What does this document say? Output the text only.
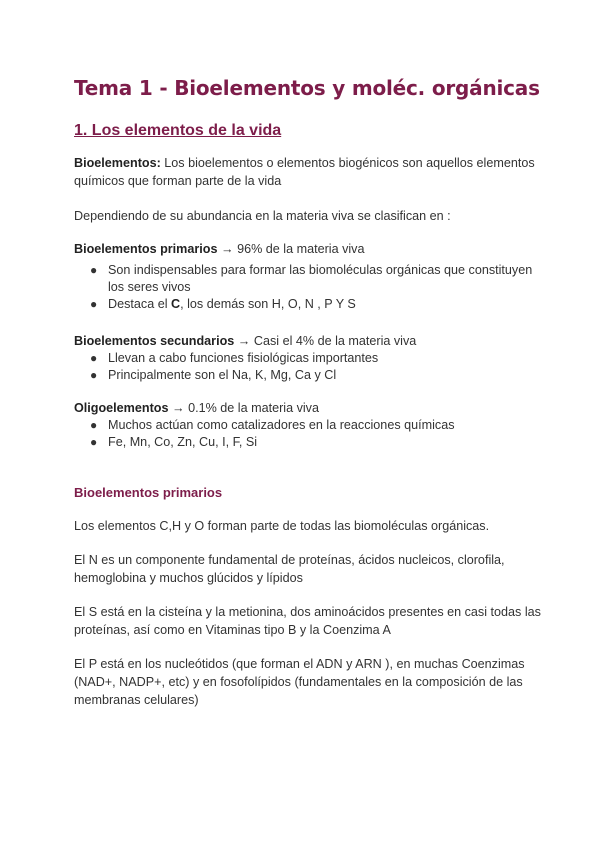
Tema 1 - Bioelementos y moléc. orgánicas
1. Los elementos de la vida

Bioelementos: Los bioelementos o elementos biogénicos son aquellos elementos químicos que forman parte de la vida

Dependiendo de su abundancia en la materia viva se clasifican en :

Bioelementos primarios → 96% de la materia viva

● Son indispensables para formar las biomoléculas orgánicas que constituyen los seres vivos
● Destaca el C, los demás son H, O, N , P Y S

Bioelementos secundarios → Casi el 4% de la materia viva

● Llevan a cabo funciones fisiológicas importantes
● Principalmente son el Na, K, Mg, Ca y Cl

Oligoelementos → 0.1% de la materia viva

● Muchos actúan como catalizadores en la reacciones químicas
● Fe, Mn, Co, Zn, Cu, I, F, Si
Bioelementos primarios

Los elementos C,H y O forman parte de todas las biomoléculas orgánicas.

El N es un componente fundamental de proteínas, ácidos nucleicos, clorofila, hemoglobina y muchos glúcidos y lípidos

El S está en la cisteína y la metionina, dos aminoácidos presentes en casi todas las proteínas, así como en Vitaminas tipo B y la Coenzima A

El P está en los nucleótidos (que forman el ADN y ARN ), en muchas Coenzimas (NAD+, NADP+, etc) y en fosofolípidos (fundamentales en la composición de las membranas celulares)
